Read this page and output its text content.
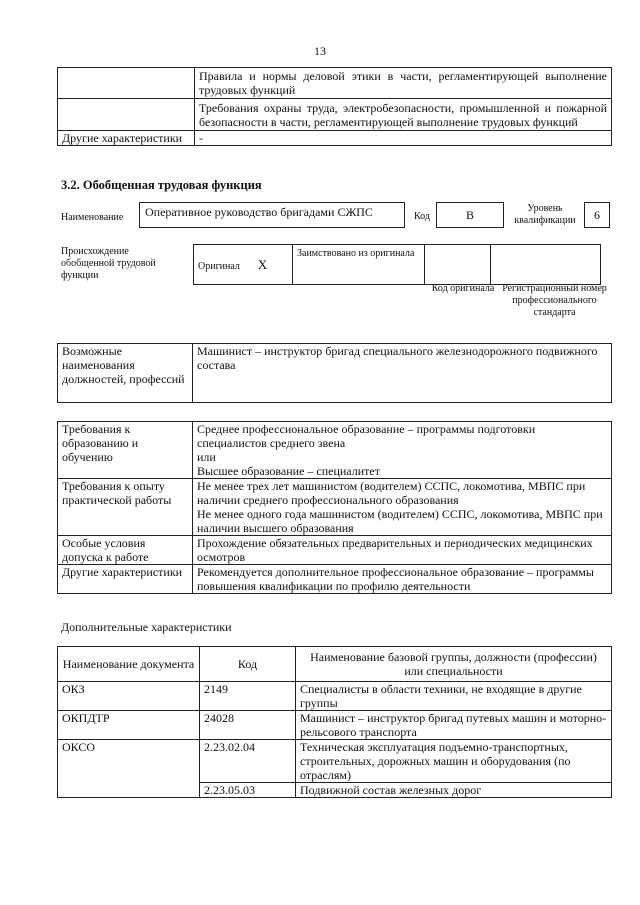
13
	Правила и нормы деловой этики в части, регламентирующей выполнение трудовых функций
	Требования охраны труда, электробезопасности, промышленной и пожарной безопасности в части, регламентирующей выполнение трудовых функций
Другие характеристики	-
3.2. Обобщенная трудовая функция
Наименование	Оперативное руководство бригадами СЖПС	Код	B	Уровень квалификации	6
Происхождение обобщенной трудовой функции
Оригинал X	Заимствовано из оригинала		
Код оригинала Регистрационный номер профессионального стандарта
Возможные наименования должностей, профессий	Машинист – инструктор бригад специального железнодорожного подвижного состава
Требования к образованию и обучению	Среднее профессиональное образование – программы подготовки специалистов среднего звена
или
Высшее образование – специалитет

Требования к опыту практической работы	Не менее трех лет машинистом (водителем) ССПС, локомотива, МВПС при наличии среднего профессионального образования
Не менее одного года машинистом (водителем) ССПС, локомотива, МВПС при наличии высшего образования

Особые условия допуска к работе	Прохождение обязательных предварительных и периодических медицинских осмотров

Другие характеристики	Рекомендуется дополнительное профессиональное образование – программы повышения квалификации по профилю деятельности
Дополнительные характеристики
Наименование документа	Код	Наименование базовой группы, должности (профессии) или специальности
ОКЗ	2149	Специалисты в области техники, не входящие в другие группы
ОКПДТР	24028	Машинист – инструктор бригад путевых машин и моторно-рельсового транспорта
ОКСО	2.23.02.04	Техническая эксплуатация подъемно-транспортных, строительных, дорожных машин и оборудования (по отраслям)
	2.23.05.03	Подвижной состав железных дорог
